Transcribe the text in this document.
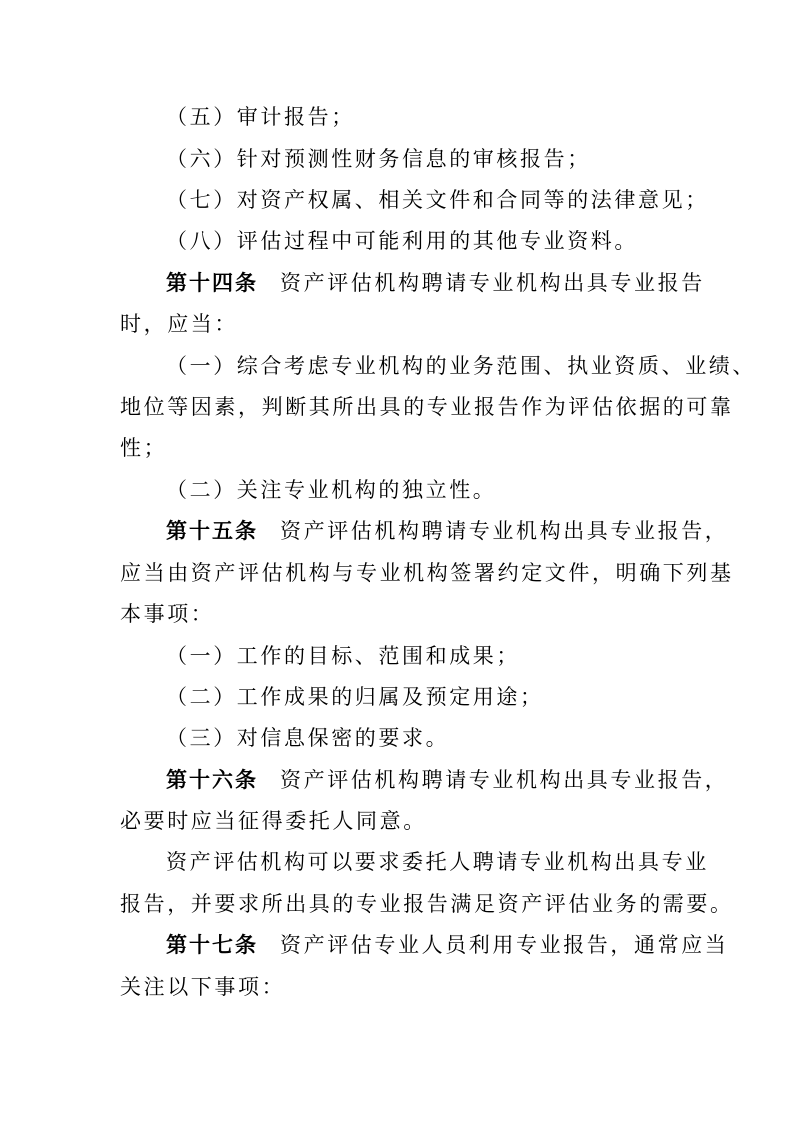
（五）审计报告；
（六）针对预测性财务信息的审核报告；
（七）对资产权属、相关文件和合同等的法律意见；
（八）评估过程中可能利用的其他专业资料。
第十四条 资产评估机构聘请专业机构出具专业报告
时，应当：
（一）综合考虑专业机构的业务范围、执业资质、业绩、
地位等因素，判断其所出具的专业报告作为评估依据的可靠
性；
（二）关注专业机构的独立性。
第十五条 资产评估机构聘请专业机构出具专业报告，
应当由资产评估机构与专业机构签署约定文件，明确下列基
本事项：
（一）工作的目标、范围和成果；
（二）工作成果的归属及预定用途；
（三）对信息保密的要求。
第十六条 资产评估机构聘请专业机构出具专业报告，
必要时应当征得委托人同意。
资产评估机构可以要求委托人聘请专业机构出具专业
报告，并要求所出具的专业报告满足资产评估业务的需要。
第十七条 资产评估专业人员利用专业报告，通常应当
关注以下事项：
